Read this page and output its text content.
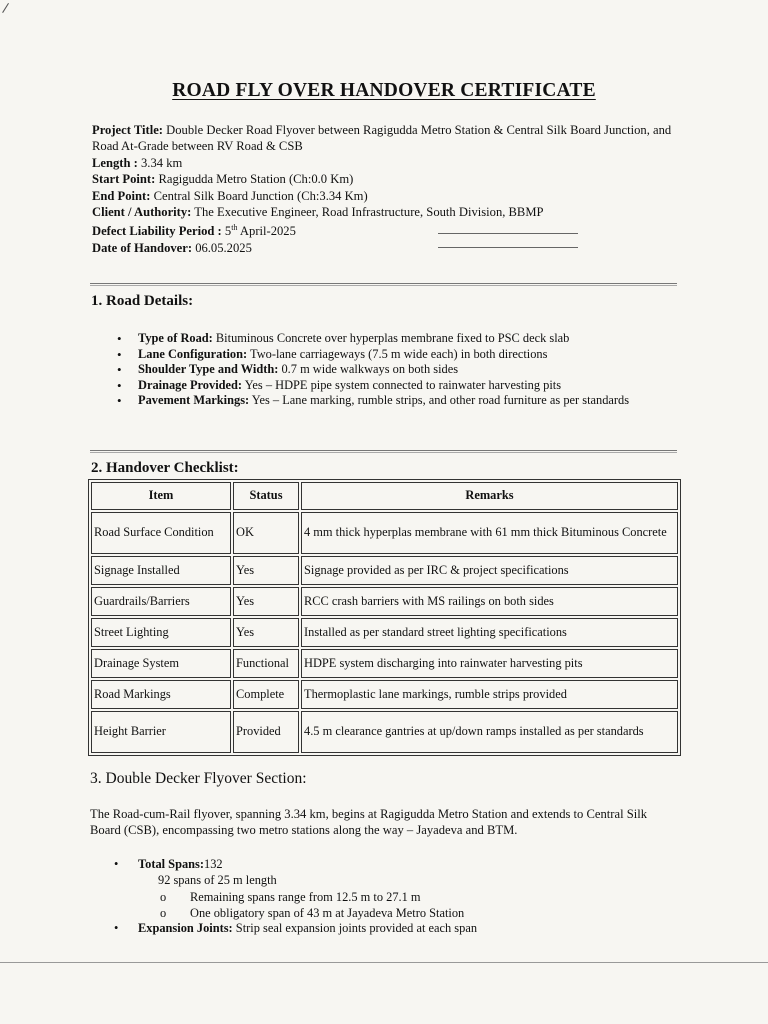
/
ROAD FLY OVER HANDOVER CERTIFICATE
Project Title: Double Decker Road Flyover between Ragigudda Metro Station & Central Silk Board Junction, and Road At-Grade between RV Road & CSB
Length : 3.34 km
Start Point: Ragigudda Metro Station (Ch:0.0 Km)
End Point: Central Silk Board Junction (Ch:3.34 Km)
Client / Authority: The Executive Engineer, Road Infrastructure, South Division, BBMP
Defect Liability Period : 5th April-2025
Date of Handover: 06.05.2025
1. Road Details:
• Type of Road: Bituminous Concrete over hyperplas membrane fixed to PSC deck slab
• Lane Configuration: Two-lane carriageways (7.5 m wide each) in both directions
• Shoulder Type and Width: 0.7 m wide walkways on both sides
• Drainage Provided: Yes – HDPE pipe system connected to rainwater harvesting pits
• Pavement Markings: Yes – Lane marking, rumble strips, and other road furniture as per standards
2. Handover Checklist:
Item	Status	Remarks
Road Surface Condition	OK	4 mm thick hyperplas membrane with 61 mm thick Bituminous Concrete
Signage Installed	Yes	Signage provided as per IRC & project specifications
Guardrails/Barriers	Yes	RCC crash barriers with MS railings on both sides
Street Lighting	Yes	Installed as per standard street lighting specifications
Drainage System	Functional	HDPE system discharging into rainwater harvesting pits
Road Markings	Complete	Thermoplastic lane markings, rumble strips provided
Height Barrier	Provided	4.5 m clearance gantries at up/down ramps installed as per standards
3. Double Decker Flyover Section:
The Road-cum-Rail flyover, spanning 3.34 km, begins at Ragigudda Metro Station and extends to Central Silk Board (CSB), encompassing two metro stations along the way – Jayadeva and BTM.
• Total Spans:132
92 spans of 25 m length
o Remaining spans range from 12.5 m to 27.1 m
o One obligatory span of 43 m at Jayadeva Metro Station
• Expansion Joints: Strip seal expansion joints provided at each span
